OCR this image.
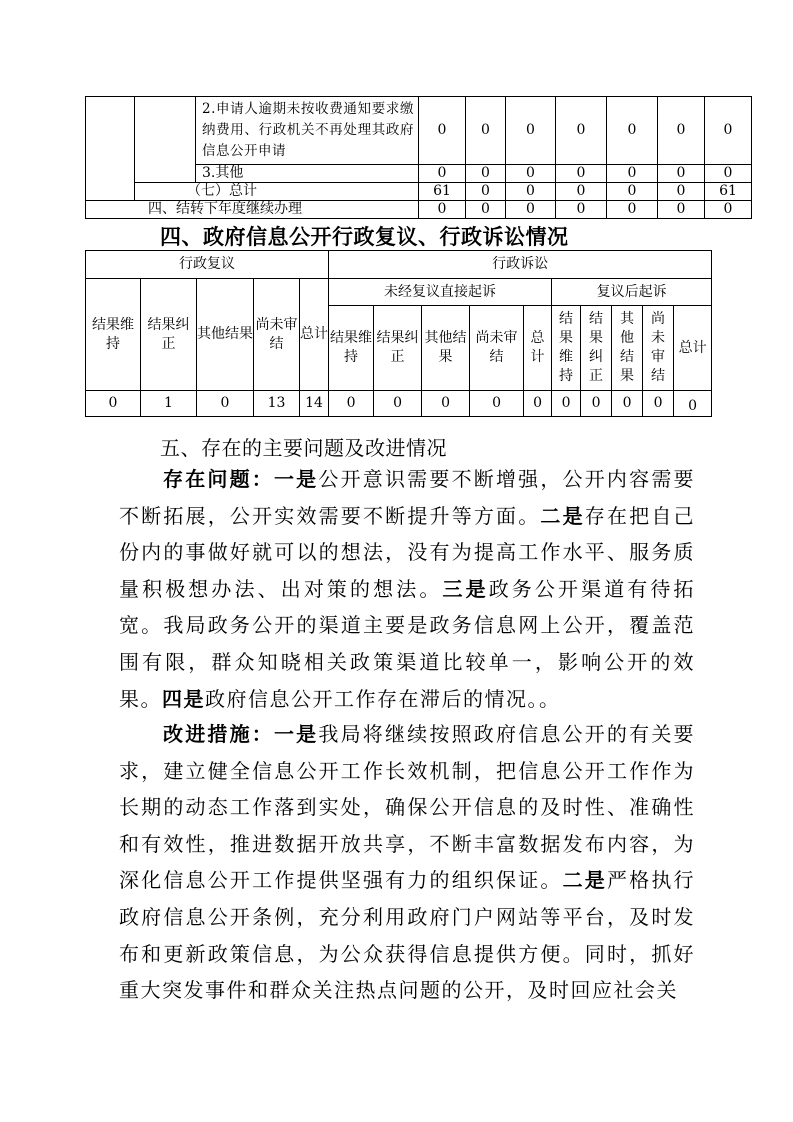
		2.申请人逾期未按收费通知要求缴纳费用、行政机关不再处理其政府信息公开申请	0	0	0	0	0	0	0
		3.其他	0	0	0	0	0	0	0
	（七）总计		61	0	0	0	0	0	61
四、结转下年度继续办理			0	0	0	0	0	0	0
四、政府信息公开行政复议、行政诉讼情况
行政复议					行政诉讼									
结果维持	结果纠正	其他结果	尚未审结	总计	未经复议直接起诉					复议后起诉				
					结果维持	结果纠正	其他结果	尚未审结	总计	结果维持	结果纠正	其他结果	尚未审结	总计
0	1	0	13	14	0	0	0	0	0	0	0	0	0	0
五、存在的主要问题及改进情况

存在问题：一是公开意识需要不断增强，公开内容需要不断拓展，公开实效需要不断提升等方面。二是存在把自己份内的事做好就可以的想法，没有为提高工作水平、服务质量积极想办法、出对策的想法。三是政务公开渠道有待拓宽。我局政务公开的渠道主要是政务信息网上公开，覆盖范围有限，群众知晓相关政策渠道比较单一，影响公开的效果。四是政府信息公开工作存在滞后的情况。。

改进措施：一是我局将继续按照政府信息公开的有关要求，建立健全信息公开工作长效机制，把信息公开工作作为长期的动态工作落到实处，确保公开信息的及时性、准确性和有效性，推进数据开放共享，不断丰富数据发布内容，为深化信息公开工作提供坚强有力的组织保证。二是严格执行政府信息公开条例，充分利用政府门户网站等平台，及时发布和更新政策信息，为公众获得信息提供方便。同时，抓好重大突发事件和群众关注热点问题的公开，及时回应社会关
